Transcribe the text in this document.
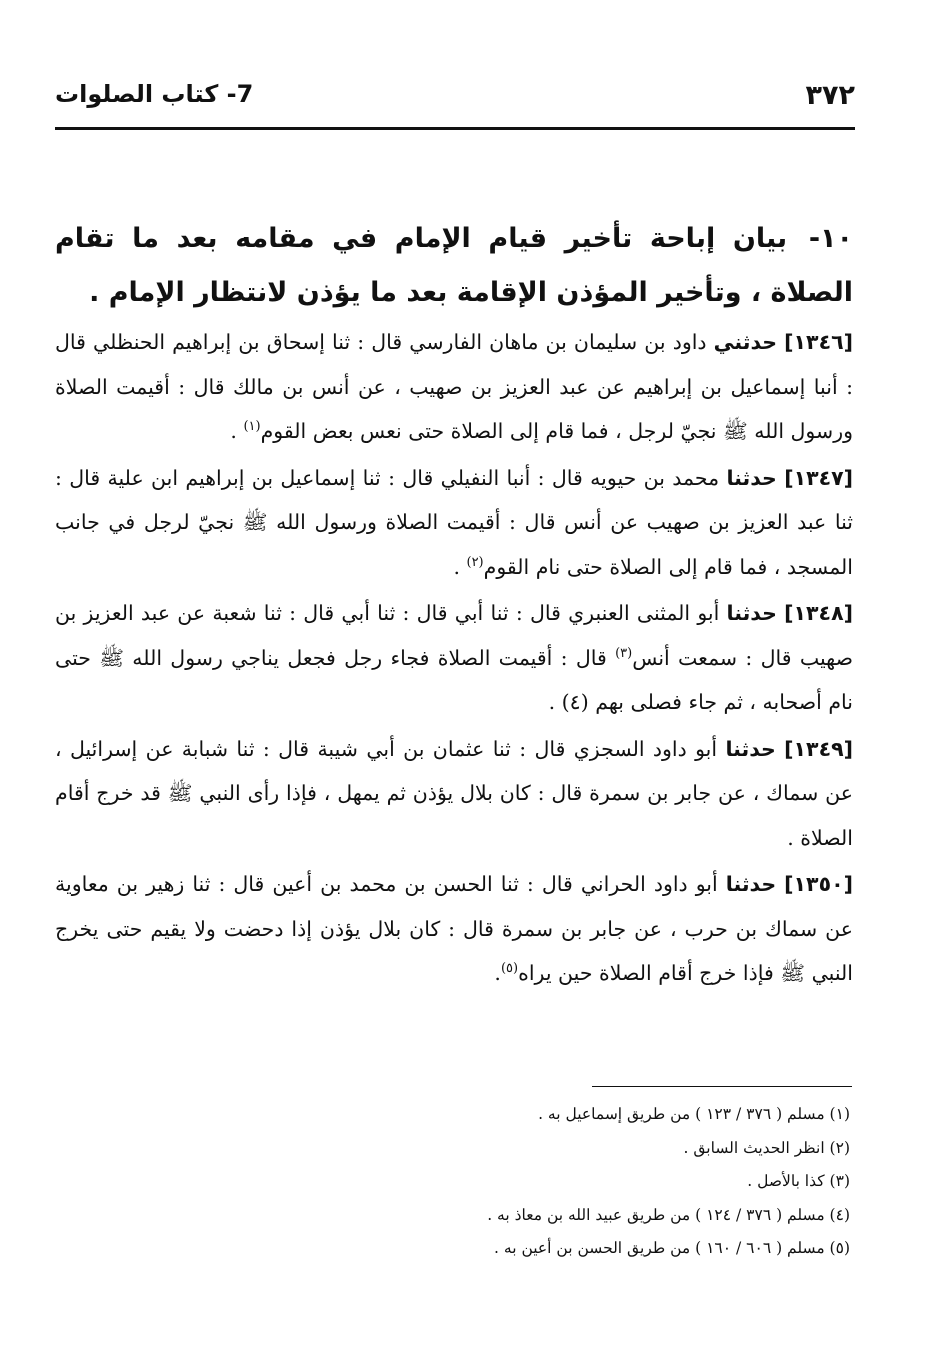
٣٧٢
7- كتاب الصلوات
١٠- بيان إباحة تأخير قيام الإمام في مقامه بعد ما تقام الصلاة ، وتأخير المؤذن الإقامة بعد ما يؤذن لانتظار الإمام .

[١٣٤٦] حدثني داود بن سليمان بن ماهان الفارسي قال : ثنا إسحاق بن إبراهيم الحنظلي قال : أنبا إسماعيل بن إبراهيم عن عبد العزيز بن صهيب ، عن أنس بن مالك قال : أقيمت الصلاة ورسول الله ﷺ نجيّ لرجل ، فما قام إلى الصلاة حتى نعس بعض القوم$^{(١)}$ .

[١٣٤٧] حدثنا محمد بن حيويه قال : أنبا النفيلي قال : ثنا إسماعيل بن إبراهيم ابن علية قال : ثنا عبد العزيز بن صهيب عن أنس قال : أقيمت الصلاة ورسول الله ﷺ نجيّ لرجل في جانب المسجد ، فما قام إلى الصلاة حتى نام القوم$^{(٢)}$ .

[١٣٤٨] حدثنا أبو المثنى العنبري قال : ثنا أبي قال : ثنا أبي قال : ثنا شعبة عن عبد العزيز بن صهيب قال : سمعت أنس$^{(٣)}$ قال : أقيمت الصلاة فجاء رجل فجعل يناجي رسول الله ﷺ حتى نام أصحابه ، ثم جاء فصلى بهم (٤) .

[١٣٤٩] حدثنا أبو داود السجزي قال : ثنا عثمان بن أبي شيبة قال : ثنا شبابة عن إسرائيل ، عن سماك ، عن جابر بن سمرة قال : كان بلال يؤذن ثم يمهل ، فإذا رأى النبي ﷺ قد خرج أقام الصلاة .

[١٣٥٠] حدثنا أبو داود الحراني قال : ثنا الحسن بن محمد بن أعين قال : ثنا زهير بن معاوية عن سماك بن حرب ، عن جابر بن سمرة قال : كان بلال يؤذن إذا دحضت ولا يقيم حتى يخرج النبي ﷺ فإذا خرج أقام الصلاة حين يراه$^{(٥)}$.

(١) مسلم ( ٣٧٦ / ١٢٣ ) من طريق إسماعيل به .
(٢) انظر الحديث السابق .
(٣) كذا بالأصل .
(٤) مسلم ( ٣٧٦ / ١٢٤ ) من طريق عبيد الله بن معاذ به .
(٥) مسلم ( ٦٠٦ / ١٦٠ ) من طريق الحسن بن أعين به .
